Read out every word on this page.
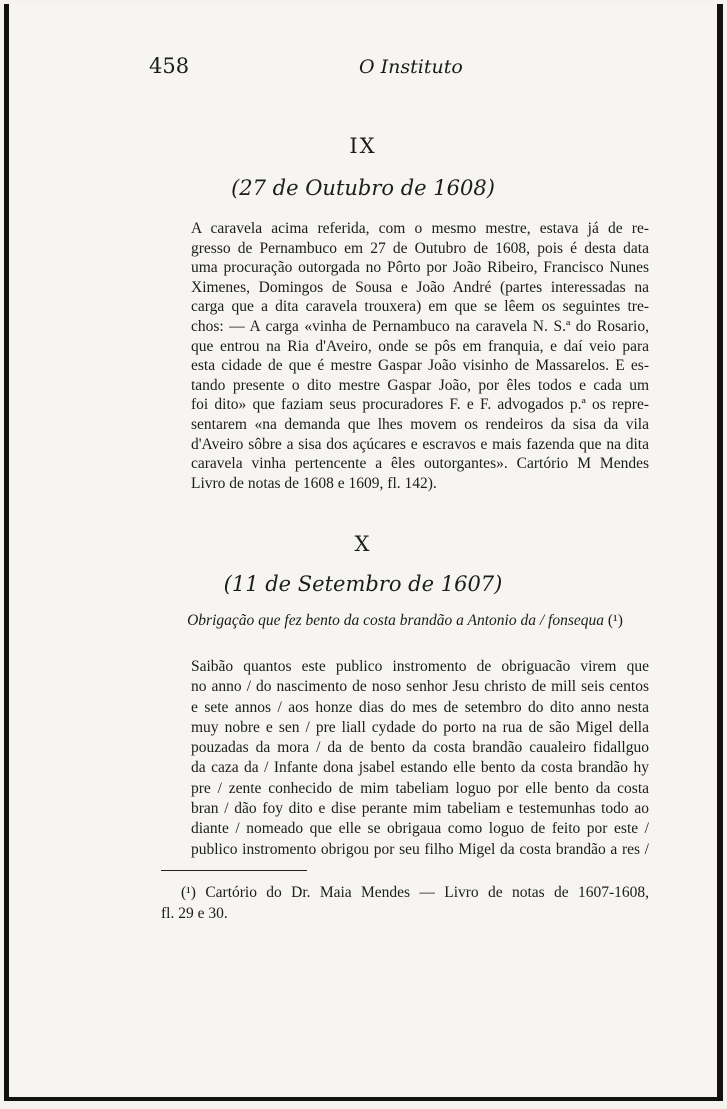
458	O Instituto
IX
(27 de Outubro de 1608)
A caravela acima referida, com o mesmo mestre, estava já de re-
gresso de Pernambuco em 27 de Outubro de 1608, pois é desta data
uma procuração outorgada no Pôrto por João Ribeiro, Francisco Nunes
Ximenes, Domingos de Sousa e João André (partes interessadas na
carga que a dita caravela trouxera) em que se lêem os seguintes tre-
chos: — A carga «vinha de Pernambuco na caravela N. S.ª do Rosario,
que entrou na Ria d'Aveiro, onde se pôs em franquia, e daí veio para
esta cidade de que é mestre Gaspar João visinho de Massarelos. E es-
tando presente o dito mestre Gaspar João, por êles todos e cada um
foi dito» que faziam seus procuradores F. e F. advogados p.ª os repre-
sentarem «na demanda que lhes movem os rendeiros da sisa da vila
d'Aveiro sôbre a sisa dos açúcares e escravos e mais fazenda que na dita
caravela vinha pertencente a êles outorgantes». Cartório M Mendes
Livro de notas de 1608 e 1609, fl. 142).
X
(11 de Setembro de 1607)
Obrigação que fez bento da costa brandão a Antonio da / fonsequa (¹)
Saibão quantos este publico instromento de obriguacão virem que
no anno / do nascimento de noso senhor Jesu christo de mill seis centos
e sete annos / aos honze dias do mes de setembro do dito anno nesta
muy nobre e sen / pre liall cydade do porto na rua de são Migel della
pouzadas da mora / da de bento da costa brandão caualeiro fidallguo
da caza da / Infante dona jsabel estando elle bento da costa brandão hy
pre / zente conhecido de mim tabeliam loguo por elle bento da costa
bran / dão foy dito e dise perante mim tabeliam e testemunhas todo ao
diante / nomeado que elle se obrigaua como loguo de feito por este /
publico instromento obrigou por seu filho Migel da costa brandão a res /
(¹) Cartório do Dr. Maia Mendes — Livro de notas de 1607-1608,
fl. 29 e 30.
